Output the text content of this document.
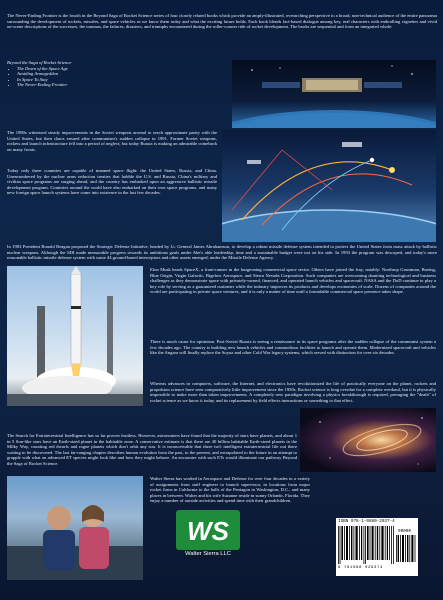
The Never-Ending Frontier is the fourth in the Beyond Saga of Rocket Science series of four closely related books which provide an amply-illustrated, overarching perspective to a broad, non-technical audience of the entire panorama surrounding the development of rockets, missiles, and space vehicles as we know them today and what the exciting future holds. Each book blends fact-based dialogue among key, real characters with enthralling vignettes and vivid on-scene descriptions of the successes, the traumas, the failures, disasters, and triumphs encountered during the roller-coaster ride of rocket development. The books are sequential and form an integrated whole:
Beyond the Saga of Rocket Science
• The Dawn of the Space Age
• Avoiding Armageddon
• In Space To Stay
• The Never-Ending Frontier
The 1980s witnessed steady improvements in the Soviet weapons arsenal to reach approximate parity with the United States, but then chaos ensued after communism's sudden collapse in 1991. Former Soviet weapons, rockets and launch infrastructure fell into a period of neglect; but today Russia is making an admirable comeback on many fronts.
Today only three countries are capable of manned space flight: the United States, Russia, and China. Unencumbered by the nuclear arms reduction treaties that hobble the U.S. and Russia, China's military and civilian space programs are surging ahead, and the country has embarked upon an aggressive ballistic missile development program. Countries around the world have also embarked on their own space programs, and many new foreign space launch systems have come into existence in the last few decades.
In 1983 President Ronald Reagan proposed the Strategic Defense Initiative, headed by Lt. General James Abrahamson, to develop a robust missile defense system intended to protect the United States from mass attack by ballistic nuclear weapons. Although the SDI made measurable progress towards its ambitious goals under Abe's able leadership, time and a sustainable budget were not on his side. In 1993 the program was descoped, and today's more reasonable ballistic missile defense system with some 44 ground-based interceptors and other assets emerged, under the Missile Defense Agency.
Elon Musk heads SpaceX, a front-runner in the burgeoning commercial space sector. Others have joined the fray, notably: Northrop Grumman, Boeing, Blue Origin, Virgin Galactic, Bigelow Aerospace, and Sierra Nevada Corporation. Such companies are overcoming daunting technological and business challenges as they demonstrate space with privately-owned, financed, and operated launch vehicles and spacecraft. NASA and the DoD continue to play a key role by serving as a guaranteed customer while the industry improves its products and develops economies of scale. Dozens of companies around the world are participating in private space ventures, and it is only a matter of time until a formidable commercial space presence takes shape.
There is much cause for optimism. Post-Soviet Russia is seeing a renaissance in its space programs after the sudden collapse of the communist system a few decades ago. The country is building new launch vehicles and commodious facilities to launch and operate them. Modernized spacecraft and vehicles like the Angara will finally replace the Soyuz and other Cold War legacy systems, which served with distinction for over six decades.
Whereas advances in computers, software, the Internet, and electronics have revolutionized the life of practically everyone on the planet, rockets and propulsion science have seen comparatively little improvement since the 1950s. Rocket science is long overdue for a complete overhaul, but it is physically impossible to make more than token improvements. A completely new paradigm involving a physics breakthrough is required, presaging the "death" of rocket science as we know it today, and its replacement by field effects interactions or something to that effect.
The Search for Extraterrestrial Intelligence has so far proven fruitless. However, astronomers have found that the majority of stars have planets, and about 1 in 5 Sun-like stars have an Earth-sized planet in the habitable zone. A conservative estimate is that there are 40 billion habitable Earth-sized planets in the Milky Way, counting red dwarfs and rogue planets which don't orbit any star. It is inconceivable that there isn't intelligent extraterrestrial life out there waiting to be discovered. The last far-ranging chapter describes human evolution from the past, to the present, and extrapolated to the future in an attempt to grapple with what an advanced ET species might look like and how they might behave. An encounter with such ETs would illuminate our pathway Beyond the Saga of Rocket Science.
Walter Sierra has worked in Aerospace and Defense for over four decades in a variety of assignments from staff engineer to branch supervisor, in locations from major rocket firms in California to the halls of the Pentagon in Washington, D.C., and many places in between. Walter and his wife Suzanne reside in sunny Orlando, Florida. They enjoy a number of outside activities and spend time with their grandchildren.
WS
Walter Sierra LLC
ISBN 978-1-0880-2937-4
90000
9 781088 029374
